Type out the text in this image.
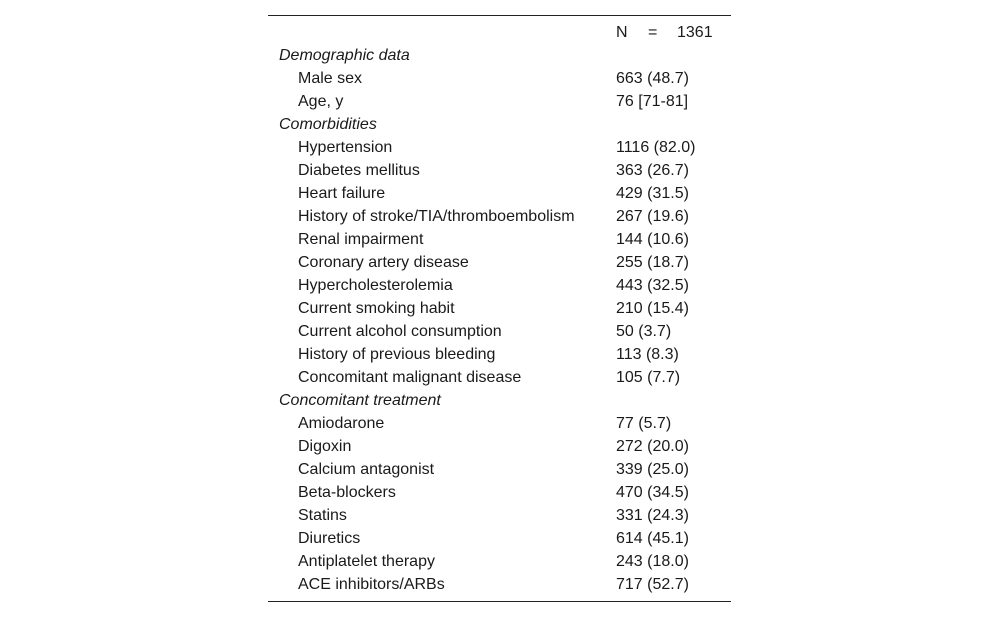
N = 1361
Demographic data
Male sex	663 (48.7)
Age, y	76 [71-81]
Comorbidities
Hypertension	1116 (82.0)
Diabetes mellitus	363 (26.7)
Heart failure	429 (31.5)
History of stroke/TIA/thromboembolism	267 (19.6)
Renal impairment	144 (10.6)
Coronary artery disease	255 (18.7)
Hypercholesterolemia	443 (32.5)
Current smoking habit	210 (15.4)
Current alcohol consumption	50 (3.7)
History of previous bleeding	113 (8.3)
Concomitant malignant disease	105 (7.7)
Concomitant treatment
Amiodarone	77 (5.7)
Digoxin	272 (20.0)
Calcium antagonist	339 (25.0)
Beta-blockers	470 (34.5)
Statins	331 (24.3)
Diuretics	614 (45.1)
Antiplatelet therapy	243 (18.0)
ACE inhibitors/ARBs	717 (52.7)
